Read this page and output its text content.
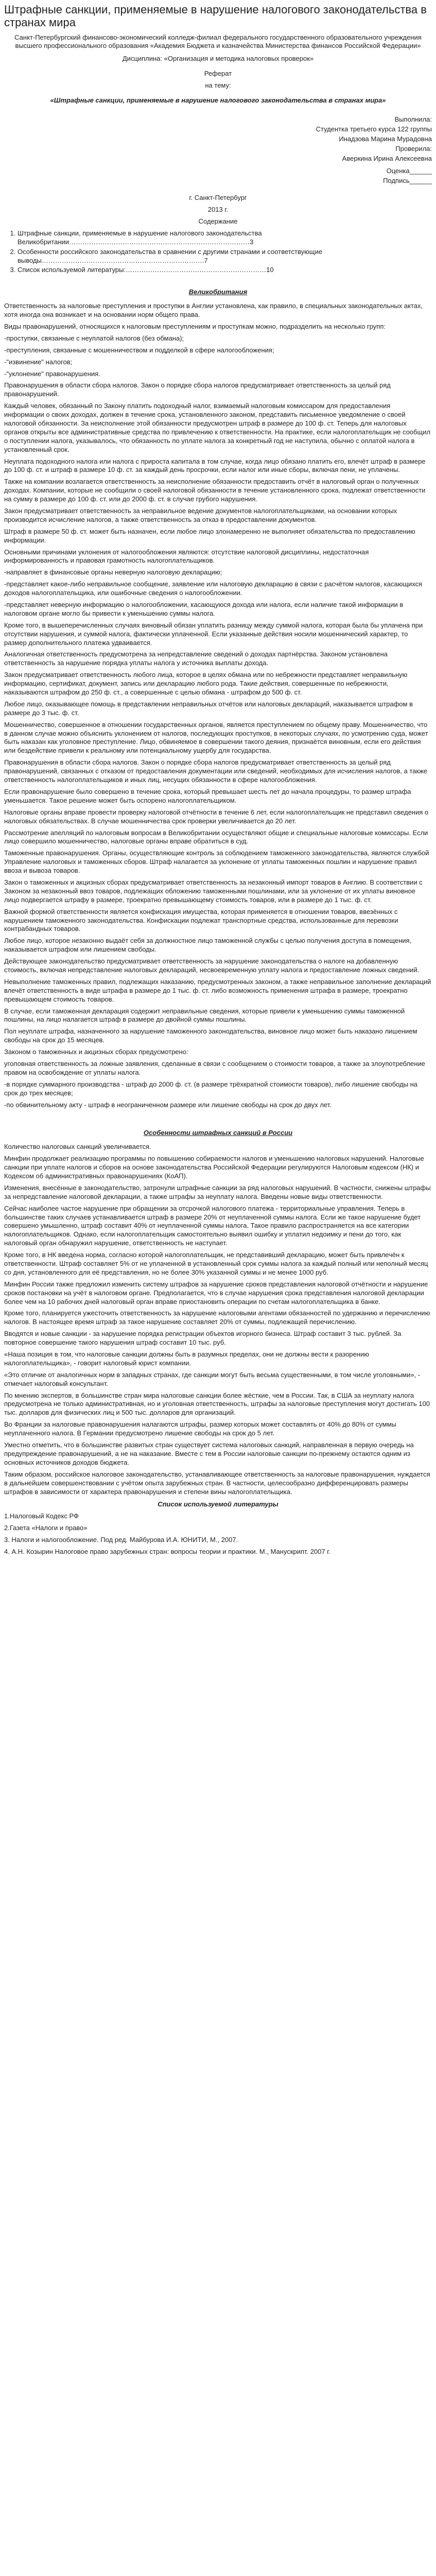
Штрафные санкции, применяемые в нарушение налогового законодательства в странах мира

Санкт-Петербургский финансово-экономический колледж-филиал федерального государственного образовательного учреждения высшего профессионального образования «Академия Бюджета и казначейства Министерства финансов Российской Федерации»

Дисциплина: «Организация и методика налоговых проверок»

Реферат

на тему:

«Штрафные санкции, применяемые в нарушение налогового законодательства в странах мира»

Выполнила:

Студентка третьего курса 122 группы

Инадзова Марина Мурадовна

Проверила:

Аверкина Ирина Алексеевна

Оценка______

Подпись______

г. Санкт-Петербург

2013 г.

Содержание

1. Штрафные санкции, применяемые в нарушение налогового законодательства Великобритании………………………………………………………………………3
2. Особенности российского законодательства в сравнении с другими странами и соответствующие выводы……………………………………………………………….7
3. Список используемой литературы:………………………………………………………10

Великобритания

Ответственность за налоговые преступления и проступки в Англии установлена, как правило, в специальных законодательных актах, хотя иногда она возникает и на основании норм общего права.

Виды правонарушений, относящихся к налоговым преступлениям и проступкам можно, подразделить на несколько групп:

-проступки, связанные с неуплатой налогов (без обмана);

-преступления, связанные с мошенничеством и подделкой в сфере налогообложения;

-"извинение" налогов;

-"уклонение" правонарушения.

Правонарушения в области сбора налогов. Закон о порядке сбора налогов предусматривает ответственность за целый ряд правонарушений.

Каждый человек, обязанный по Закону платить подоходный налог, взимаемый налоговым комиссаром для предоставления информации о своих доходах, должен в течение срока, установленного законом, представить письменное уведомление о своей налоговой обязанности. За неисполнение этой обязанности предусмотрен штраф в размере до 100 ф. ст. Теперь для налоговых органов открыты все административные средства по привлечению к ответственности. На практике, если налогоплательщик не сообщил о поступлении налога, указывалось, что обязанность по уплате налога за конкретный год не наступила, обычно с оплатой налога в установленный срок.

Неуплата подоходного налога или налога с прироста капитала в том случае, когда лицо обязано платить его, влечёт штраф в размере до 100 ф. ст. и штраф в размере 10 ф. ст. за каждый день просрочки, если налог или иные сборы, включая пени, не уплачены.

Также на компании возлагается ответственность за неисполнение обязанности предоставить отчёт в налоговый орган о полученных доходах. Компании, которые не сообщили о своей налоговой обязанности в течение установленного срока, подлежат ответственности на сумму в размере до 100 ф. ст. или до 2000 ф. ст. в случае грубого нарушения.

Закон предусматривает ответственность за неправильное ведение документов налогоплательщиками, на основании которых производится исчисление налогов, а также ответственность за отказ в предоставлении документов.

Штраф в размере 50 ф. ст. может быть назначен, если любое лицо злонамеренно не выполняет обязательства по предоставлению информации.

Основными причинами уклонения от налогообложения являются: отсутствие налоговой дисциплины, недостаточная информированность и правовая грамотность налогоплательщиков.

-направляет в финансовые органы неверную налоговую декларацию;

-представляет какое-либо неправильное сообщение, заявление или налоговую декларацию в связи с расчётом налогов, касающихся доходов налогоплательщика, или ошибочные сведения о налогообложении.

-представляет неверную информацию о налогообложении, касающуюся дохода или налога, если наличие такой информации в налоговом органе могло бы привести к уменьшению суммы налога.

Кроме того, в вышеперечисленных случаях виновный обязан уплатить разницу между суммой налога, которая была бы уплачена при отсутствии нарушения, и суммой налога, фактически уплаченной. Если указанные действия носили мошеннический характер, то размер дополнительного платежа удваивается.

Аналогичная ответственность предусмотрена за непредставление сведений о доходах партнёрства. Законом установлена ответственность за нарушение порядка уплаты налога у источника выплаты дохода.

Закон предусматривает ответственность любого лица, которое в целях обмана или по небрежности представляет неправильную информацию, сертификат, документ, запись или декларацию любого рода. Такие действия, совершенные по небрежности, наказываются штрафом до 250 ф. ст., а совершенные с целью обмана - штрафом до 500 ф. ст.

Любое лицо, оказывающее помощь в представлении неправильных отчётов или налоговых деклараций, наказывается штрафом в размере до 3 тыс. ф. ст.

Мошенничество, совершенное в отношении государственных органов, является преступлением по общему праву. Мошенничество, что в данном случае можно объяснить уклонением от налогов, последующих проступков, в некоторых случаях, по усмотрению суда, может быть наказан как уголовное преступление. Лицо, обвиняемое в совершении такого деяния, признаётся виновным, если его действия или бездействие привели к реальному или потенциальному ущербу для государства.

Правонарушения в области сбора налогов. Закон о порядке сбора налогов предусматривает ответственность за целый ряд правонарушений, связанных с отказом от предоставления документации или сведений, необходимых для исчисления налогов, а также ответственность налогоплательщиков и иных лиц, несущих обязанности в сфере налогообложения.

Если правонарушение было совершено в течение срока, который превышает шесть лет до начала процедуры, то размер штрафа уменьшается. Такое решение может быть оспорено налогоплательщиком.

Налоговые органы вправе провести проверку налоговой отчётности в течение 6 лет, если налогоплательщик не представил сведения о налоговых обязательствах. В случае мошенничества срок проверки увеличивается до 20 лет.

Рассмотрение апелляций по налоговым вопросам в Великобритании осуществляют общие и специальные налоговые комиссары. Если лицо совершило мошенничество, налоговые органы вправе обратиться в суд.

Таможенные правонарушения. Органы, осуществляющие контроль за соблюдением таможенного законодательства, являются службой Управление налоговых и таможенных сборов. Штраф налагается за уклонение от уплаты таможенных пошлин и нарушение правил ввоза и вывоза товаров.

Закон о таможенных и акцизных сборах предусматривает ответственность за незаконный импорт товаров в Англию. В соответствии с Законом за незаконный ввоз товаров, подлежащих обложению таможенными пошлинами, или за уклонение от их уплаты виновное лицо подвергается штрафу в размере, троекратно превышающему стоимость товаров, или в размере до 1 тыс. ф. ст.

Важной формой ответственности является конфискация имущества, которая применяется в отношении товаров, ввезённых с нарушением таможенного законодательства. Конфискации подлежат транспортные средства, использованные для перевозки контрабандных товаров.

Любое лицо, которое незаконно выдаёт себя за должностное лицо таможенной службы с целью получения доступа в помещения, наказывается штрафом или лишением свободы.

Действующее законодательство предусматривает ответственность за нарушение законодательства о налоге на добавленную стоимость, включая непредставление налоговых деклараций, несвоевременную уплату налога и предоставление ложных сведений.

Невыполнение таможенных правил, подлежащих наказанию, предусмотренных законом, а также неправильное заполнение деклараций влечёт ответственность в виде штрафа в размере до 1 тыс. ф. ст. либо возможность применения штрафа в размере, троекратно превышающем стоимость товаров.

В случае, если таможенная декларация содержит неправильные сведения, которые привели к уменьшению суммы таможенной пошлины, на лицо налагается штраф в размере до двойной суммы пошлины.

Пол неуплате штрафа, назначенного за нарушение таможенного законодательства, виновное лицо может быть наказано лишением свободы на срок до 15 месяцев.

Законом о таможенных и акцизных сборах предусмотрено:

уголовная ответственность за ложные заявления, сделанные в связи с сообщением о стоимости товаров, а также за злоупотребление правом на освобождение от уплаты налога.

-в порядке суммарного производства - штраф до 2000 ф. ст. (в размере трёхкратной стоимости товаров), либо лишение свободы на срок до трех месяцев;

-по обвинительному акту - штраф в неограниченном размере или лишение свободы на срок до двух лет.

Особенности штрафных санкций в России

Количество налоговых санкций увеличивается.

Минфин продолжает реализацию программы по повышению собираемости налогов и уменьшению налоговых нарушений. Налоговые санкции при уплате налогов и сборов на основе законодательства Российской Федерации регулируются Налоговым кодексом (НК) и Кодексом об административных правонарушениях (КоАП).

Изменения, внесённые в законодательство, затронули штрафные санкции за ряд налоговых нарушений. В частности, снижены штрафы за непредставление налоговой декларации, а также штрафы за неуплату налога. Введены новые виды ответственности.

Сейчас наиболее частое нарушение при обращении за отсрочкой налогового платежа - территориальные управления. Теперь в большинстве таких случаев устанавливается штраф в размере 20% от неуплаченной суммы налога. Если же такое нарушение будет совершено умышленно, штраф составит 40% от неуплаченной суммы налога. Такое правило распространяется на все категории налогоплательщиков. Однако, если налогоплательщик самостоятельно выявил ошибку и уплатил недоимку и пени до того, как налоговый орган обнаружил нарушение, ответственность не наступает.

Кроме того, в НК введена норма, согласно которой налогоплательщик, не представивший декларацию, может быть привлечён к ответственности. Штраф составляет 5% от не уплаченной в установленный срок суммы налога за каждый полный или неполный месяц со дня, установленного для её представления, но не более 30% указанной суммы и не менее 1000 руб.

Минфин России также предложил изменить систему штрафов за нарушение сроков представления налоговой отчётности и нарушение сроков постановки на учёт в налоговом органе. Предполагается, что в случае нарушения срока представления налоговой декларации более чем на 10 рабочих дней налоговый орган вправе приостановить операции по счетам налогоплательщика в банке.

Кроме того, планируется ужесточить ответственность за нарушение налоговыми агентами обязанностей по удержанию и перечислению налогов. В настоящее время штраф за такое нарушение составляет 20% от суммы, подлежащей перечислению.

Вводятся и новые санкции - за нарушение порядка регистрации объектов игорного бизнеса. Штраф составит 3 тыс. рублей. За повторное совершение такого нарушения штраф составит 10 тыс. руб.

«Наша позиция в том, что налоговые санкции должны быть в разумных пределах, они не должны вести к разорению налогоплательщика», - говорит налоговый юрист компании.

«Это отличие от аналогичных норм в западных странах, где санкции могут быть весьма существенными, в том числе уголовными», - отмечает налоговый консультант.

По мнению экспертов, в большинстве стран мира налоговые санкции более жёсткие, чем в России. Так, в США за неуплату налога предусмотрена не только административная, но и уголовная ответственность, штрафы за налоговые преступления могут достигать 100 тыс. долларов для физических лиц и 500 тыс. долларов для организаций.

Во Франции за налоговые правонарушения налагаются штрафы, размер которых может составлять от 40% до 80% от суммы неуплаченного налога. В Германии предусмотрено лишение свободы на срок до 5 лет.

Уместно отметить, что в большинстве развитых стран существует система налоговых санкций, направленная в первую очередь на предупреждение правонарушений, а не на наказание. Вместе с тем в России налоговые санкции по-прежнему остаются одним из основных источников доходов бюджета.

Таким образом, российское налоговое законодательство, устанавливающее ответственность за налоговые правонарушения, нуждается в дальнейшем совершенствовании с учётом опыта зарубежных стран. В частности, целесообразно дифференцировать размеры штрафов в зависимости от характера правонарушения и степени вины налогоплательщика.

Список используемой литературы

1.Налоговый Кодекс РФ
2.Газета «Налоги и право»
3. Налоги и налогообложение. Под ред. Майбурова И.А. ЮНИТИ, М., 2007.
4. А.Н. Козырин Налоговое право зарубежных стран: вопросы теории и практики. М., Манускрипт. 2007 г.
